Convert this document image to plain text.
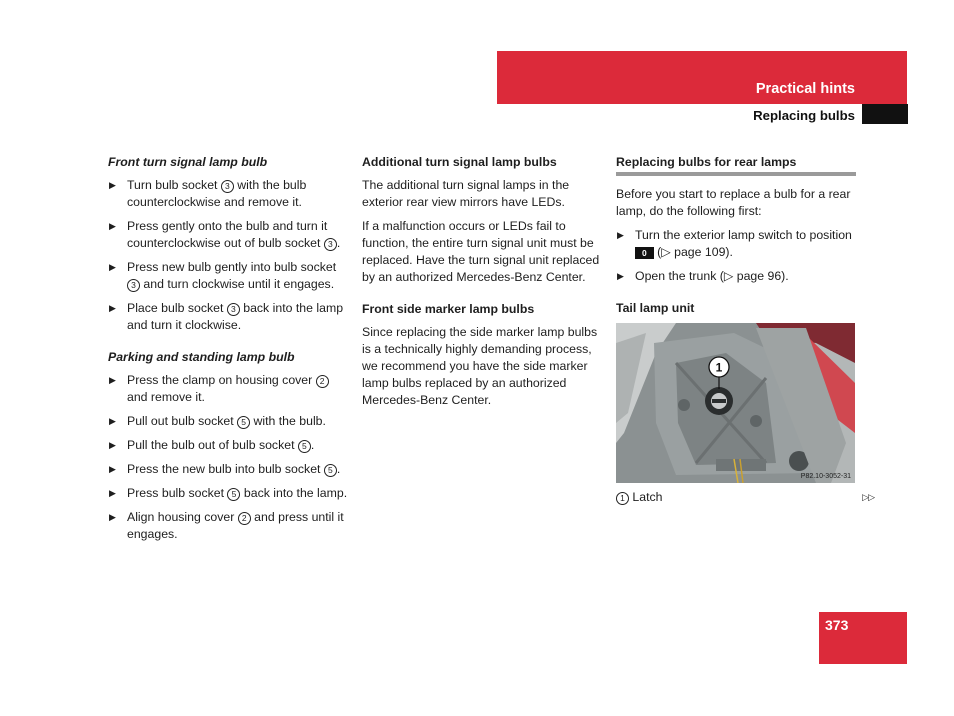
Practical hints
Replacing bulbs
Front turn signal lamp bulb
▶ Turn bulb socket 3 with the bulb counterclockwise and remove it.
▶ Press gently onto the bulb and turn it counterclockwise out of bulb socket 3 .
▶ Press new bulb gently into bulb socket 3 and turn clockwise until it engages.
▶ Place bulb socket 3 back into the lamp and turn it clockwise.
Parking and standing lamp bulb
▶ Press the clamp on housing cover 2 and remove it.
▶ Pull out bulb socket 5 with the bulb.
▶ Pull the bulb out of bulb socket 5 .
▶ Press the new bulb into bulb socket 5 .
▶ Press bulb socket 5 back into the lamp.
▶ Align housing cover 2 and press until it engages.
Additional turn signal lamp bulbs

The additional turn signal lamps in the exterior rear view mirrors have LEDs.

If a malfunction occurs or LEDs fail to function, the entire turn signal unit must be replaced. Have the turn signal unit replaced by an authorized Mercedes-Benz Center.

Front side marker lamp bulbs

Since replacing the side marker lamp bulbs is a technically highly demanding process, we recommend you have the side marker lamp bulbs replaced by an authorized Mercedes-Benz Center.

Replacing bulbs for rear lamps

Before you start to replace a bulb for a rear lamp, do the following first:

▶ Turn the exterior lamp switch to position 0 (▷ page 109).
▶ Open the trunk (▷ page 96).
Tail lamp unit
1
P82.10-3052-31
1 Latch	▷▷
373
